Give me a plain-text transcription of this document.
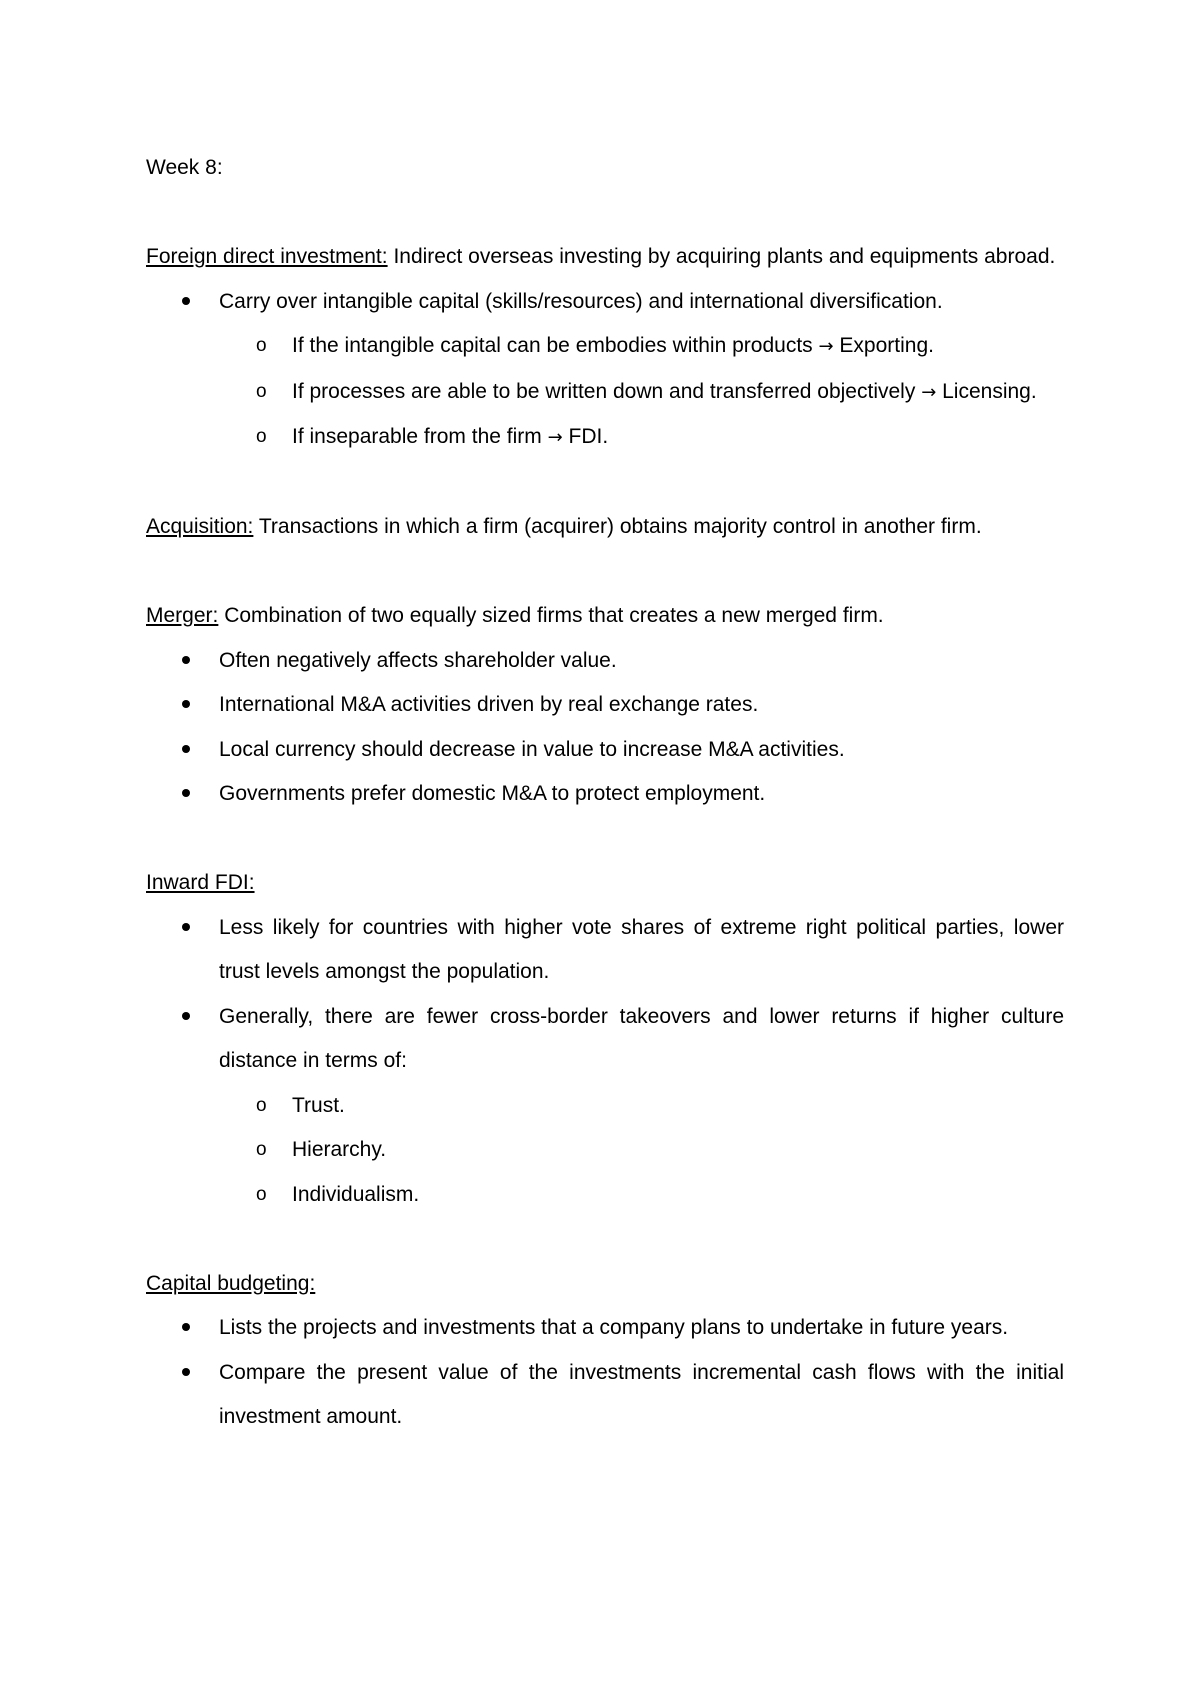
Week 8:

Foreign direct investment: Indirect overseas investing by acquiring plants and equipments abroad.

Carry over intangible capital (skills/resources) and international diversification.
o If the intangible capital can be embodies within products → Exporting.
o If processes are able to be written down and transferred objectively → Licensing.
o If inseparable from the firm → FDI.

Acquisition: Transactions in which a firm (acquirer) obtains majority control in another firm.

Merger: Combination of two equally sized firms that creates a new merged firm.

Often negatively affects shareholder value.
International M&A activities driven by real exchange rates.
Local currency should decrease in value to increase M&A activities.
Governments prefer domestic M&A to protect employment.

Inward FDI:

Less likely for countries with higher vote shares of extreme right political parties, lower trust levels amongst the population.
Generally, there are fewer cross-border takeovers and lower returns if higher culture distance in terms of:
o Trust.
o Hierarchy.
o Individualism.

Capital budgeting:

Lists the projects and investments that a company plans to undertake in future years.
Compare the present value of the investments incremental cash flows with the initial investment amount.
